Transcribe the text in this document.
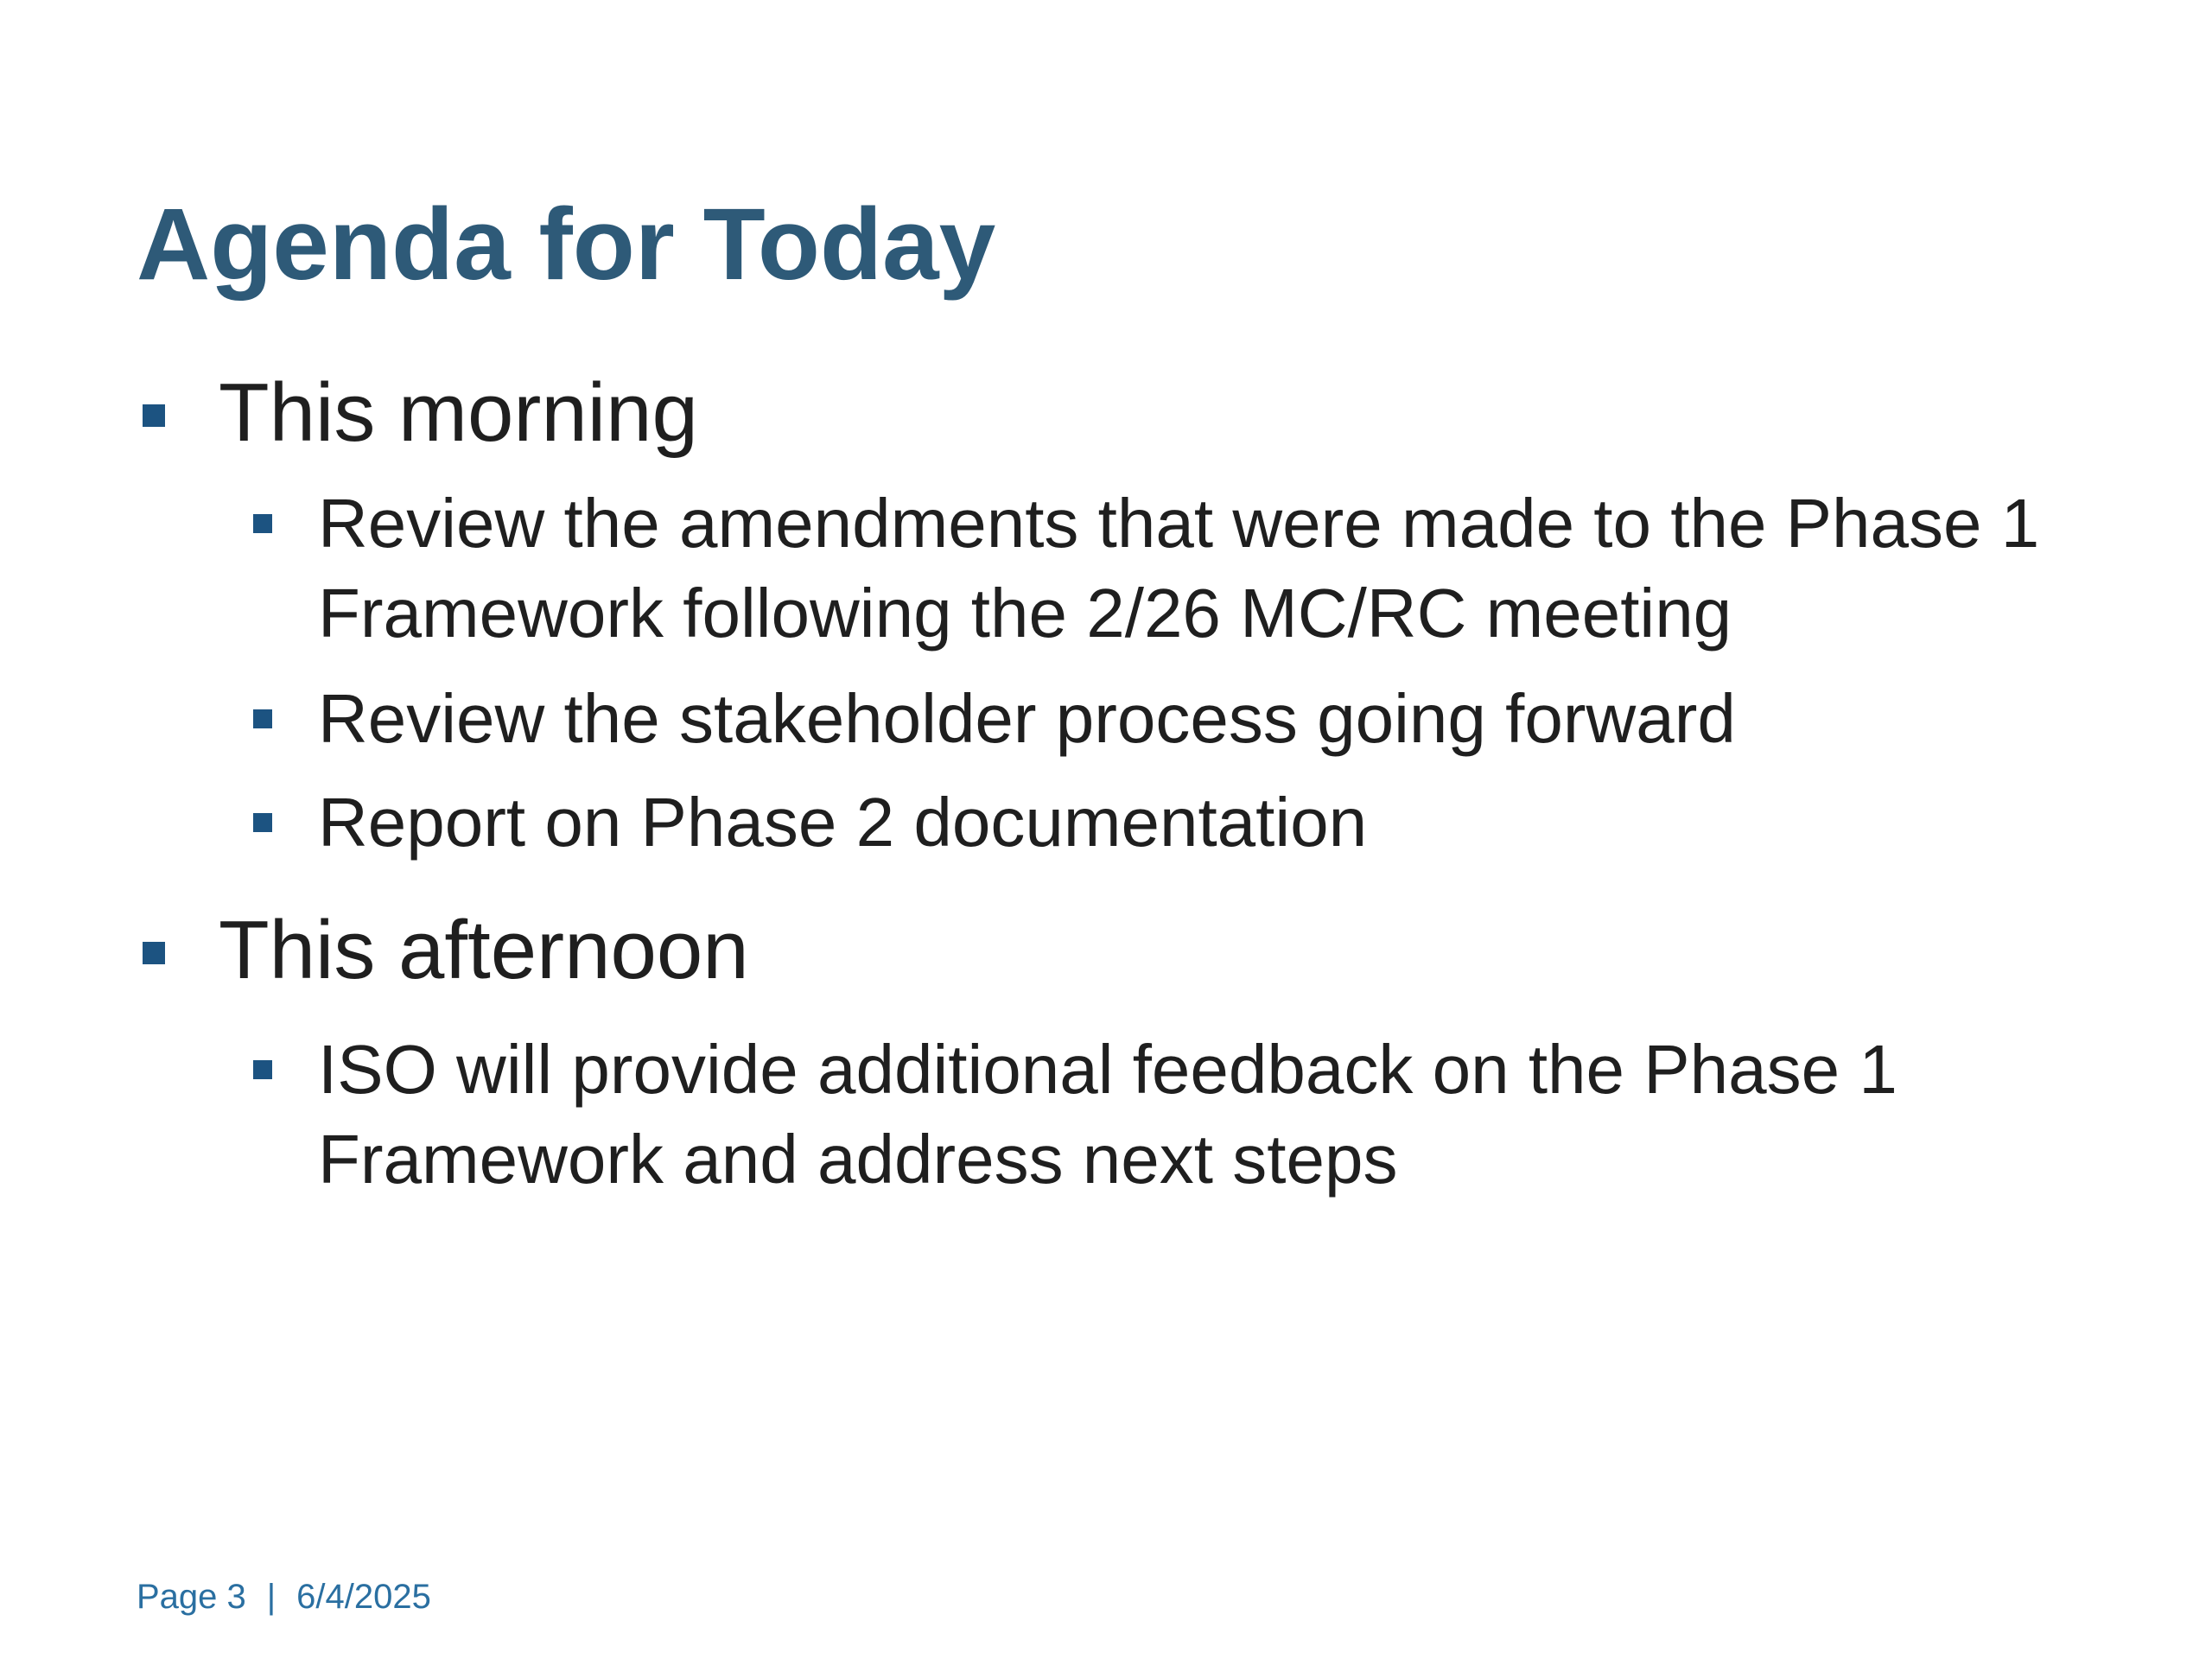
Agenda for Today
This morning
Review the amendments that were made to the Phase 1 Framework following the 2/26 MC/RC meeting
Review the stakeholder process going forward
Report on Phase 2 documentation
This afternoon
ISO will provide additional feedback on the Phase 1 Framework and address next steps
Page 3 | 6/4/2025
